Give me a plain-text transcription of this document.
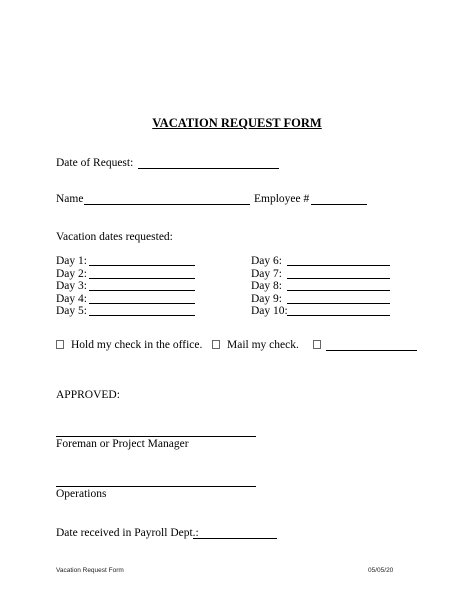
VACATION REQUEST FORM
Date of Request:
Name	Employee #
Vacation dates requested:
Day 1:
Day 2:
Day 3:
Day 4:
Day 5:
Day 6:
Day 7:
Day 8:
Day 9:
Day 10:
Hold my check in the office.	Mail my check.
APPROVED:
Foreman or Project Manager
Operations
Date received in Payroll Dept.:
Vacation Request Form	05/05/20
